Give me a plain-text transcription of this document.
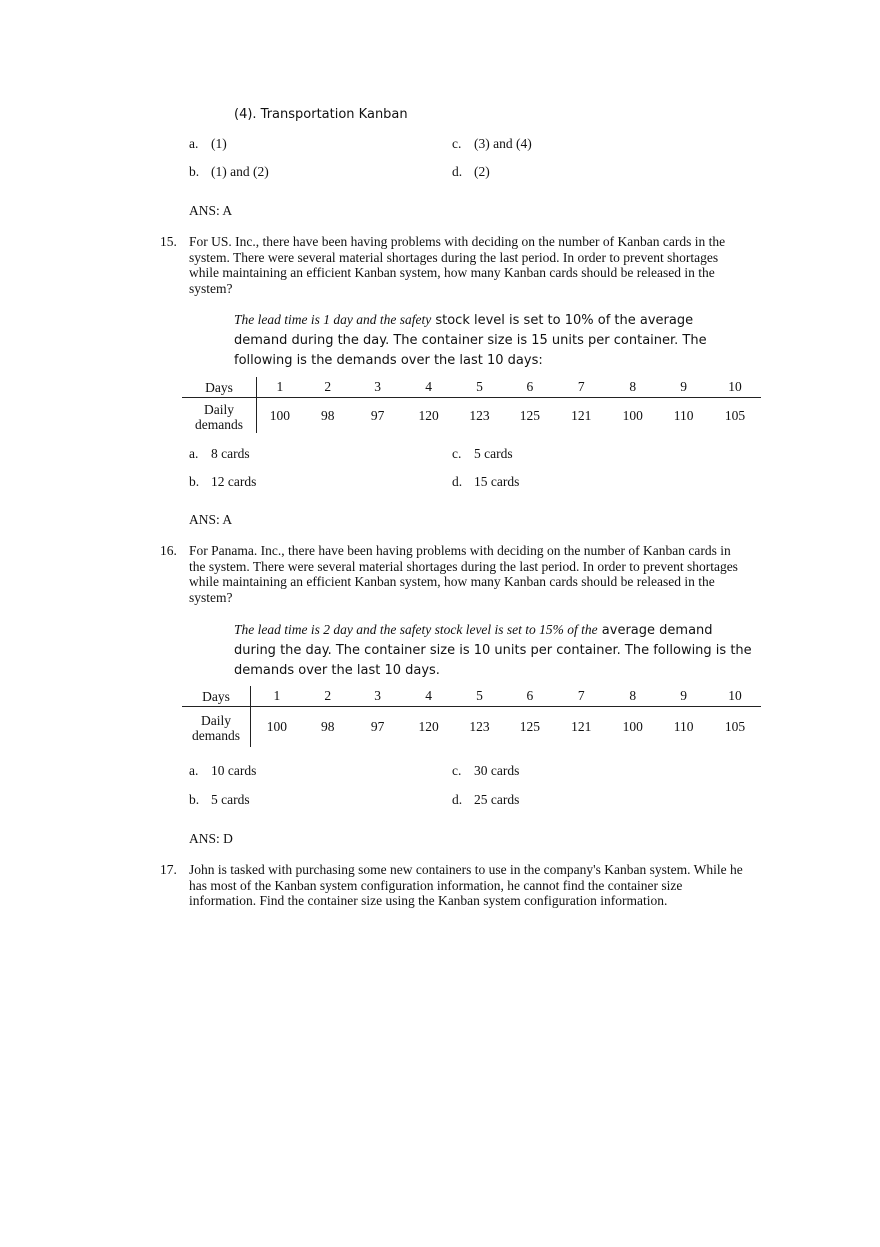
(4). Transportation Kanban
a. (1)	c. (3) and (4)
b. (1) and (2)	d. (2)
ANS: A
15. For US. Inc., there have been having problems with deciding on the number of Kanban cards in the system. There were several material shortages during the last period. In order to prevent shortages while maintaining an efficient Kanban system, how many Kanban cards should be released in the system?
The lead time is 1 day and the safety stock level is set to 10% of the average demand during the day. The container size is 15 units per container. The following is the demands over the last 10 days:
Days	1	2	3	4	5	6	7	8	9	10
Daily
demands	100	98	97	120	123	125	121	100	110	105
a. 8 cards	c. 5 cards
b. 12 cards	d. 15 cards
ANS: A
16. For Panama. Inc., there have been having problems with deciding on the number of Kanban cards in the system. There were several material shortages during the last period. In order to prevent shortages while maintaining an efficient Kanban system, how many Kanban cards should be released in the system?
The lead time is 2 day and the safety stock level is set to 15% of the average demand during the day. The container size is 10 units per container. The following is the demands over the last 10 days.
Days	1	2	3	4	5	6	7	8	9	10
Daily
demands	100	98	97	120	123	125	121	100	110	105
a. 10 cards	c. 30 cards
b. 5 cards	d. 25 cards
ANS: D
17. John is tasked with purchasing some new containers to use in the company's Kanban system. While he has most of the Kanban system configuration information, he cannot find the container size information. Find the container size using the Kanban system configuration information.
